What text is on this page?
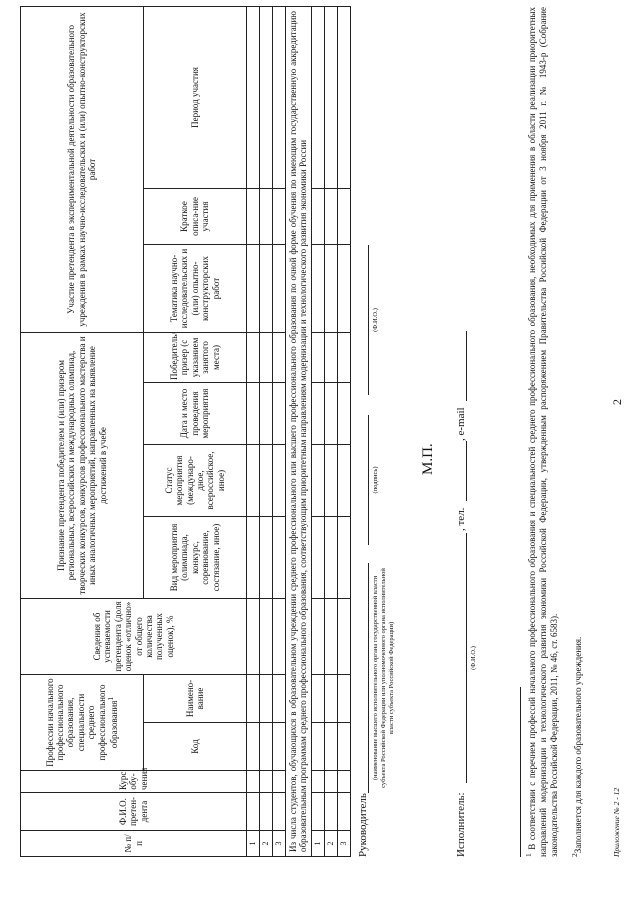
2
№ п/п	Ф.И.О. претен-дента	Курс обу-чения	Профессии начального профессионального образования, специальности среднего профессионального образования$^1$		Сведения об успеваемости претендента (доля оценок «отлично» от общего количества полученных оценок), %	Признание претендента победителем и (или) призером региональных, всероссийских и международных олимпиад, творческих конкурсов, конкурсов профессионального мастерства и иных аналогичных мероприятий, направленных на выявление достижений в учебе				Участие претендента в экспериментальной деятельности образовательного учреждения в рамках научно-исследовательских и (или) опытно-конструкторских работ		
			Код	Наимено-вание		Вид мероприятия (олимпиада, конкурс, соревнование, состязание, иное)	Статус мероприятия (междунаро-дное, всероссийское, иное)	Дата и место проведения мероприятия	Победитель/ призер (с указанием занятого места)	Тематика научно-исследовательских и (или) опытно-конструкторских работ	Краткое описа-ние участия	Период участия
1												
2												
3												
Из числа студентов, обучающихся в образовательном учреждении среднего профессионального или высшего профессионального образования по очной форме обучения по имеющим государственную аккредитацию образовательным программам среднего профессионального образования, соответствующим приоритетным направлениям модернизации и технологического развития экономики России												
1												
2												
3												Руководитель
(наименование высшего исполнительного органа государственной власти субъекта Российской Федерации или уполномоченного органа исполнительной власти субъекта Российской Федерации)
(подпись)
(Ф.И.О.)
М.П.
Исполнитель:
(Ф.И.О.)
, тел.
, e-mail
$^1$ В соответствии с перечнем профессий начального профессионального образования и специальностей среднего профессионального образования, необходимых для применения в области реализации приоритетных направлений модернизации и технологического развития экономики Российской Федерации, утвержденным распоряжением Правительства Российской Федерации от 3 ноября 2011 г. № 1943-р (Собрание законодательства Российской Федерации, 2011, № 46, ст. 6583). $^2$Заполняется для каждого образовательного учреждения.	Приложение № 2 - 12
